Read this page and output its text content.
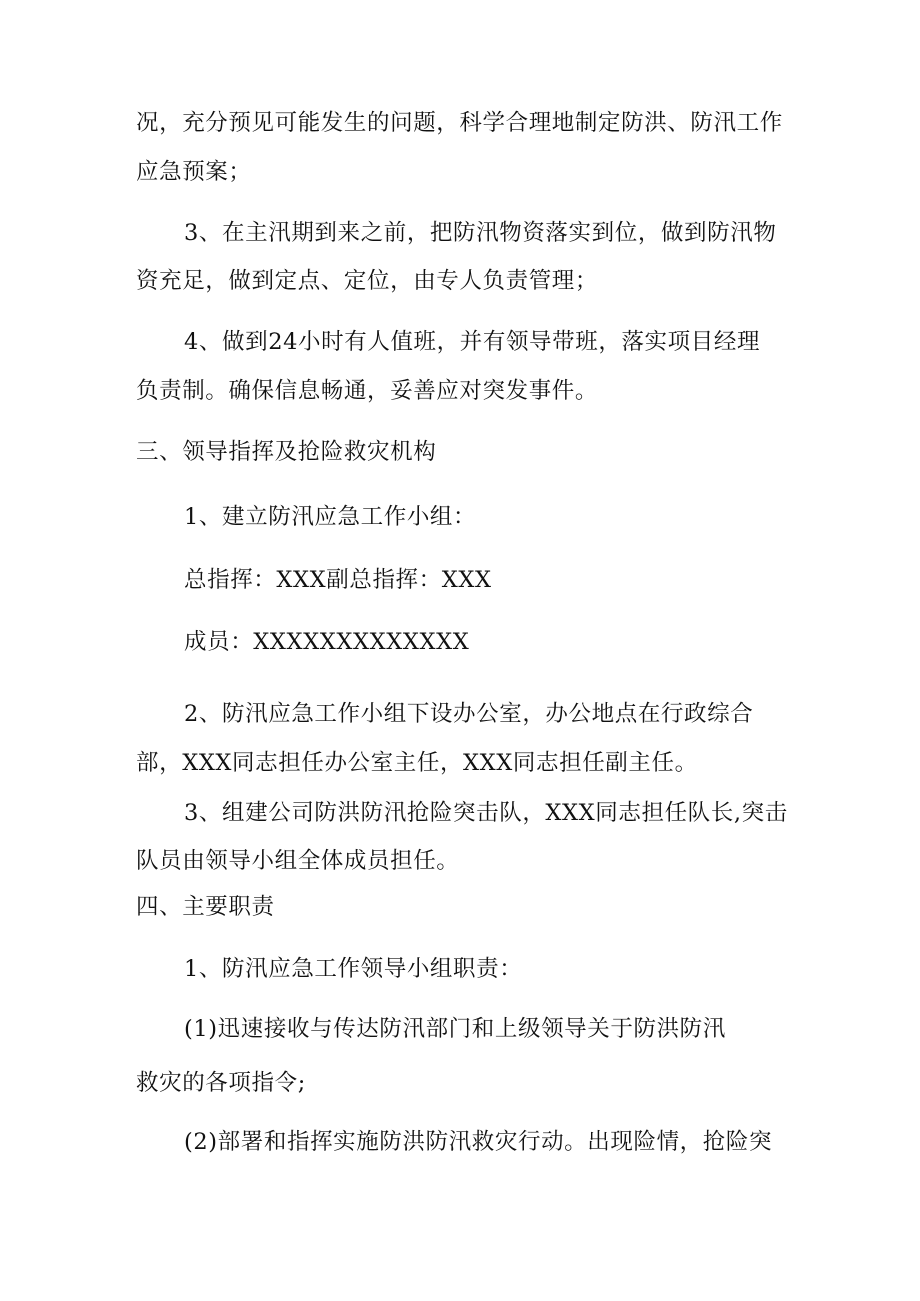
况，充分预见可能发生的问题，科学合理地制定防洪、防汛工作
应急预案；
3、在主汛期到来之前，把防汛物资落实到位，做到防汛物
资充足，做到定点、定位，由专人负责管理；
4、做到24小时有人值班，并有领导带班，落实项目经理
负责制。确保信息畅通，妥善应对突发事件。
三、领导指挥及抢险救灾机构
1、建立防汛应急工作小组：
总指挥：XXX副总指挥：XXX
成员：XXXXXXXXXXXXX
2、防汛应急工作小组下设办公室，办公地点在行政综合
部，XXX同志担任办公室主任，XXX同志担任副主任。
3、组建公司防洪防汛抢险突击队，XXX同志担任队长,突击
队员由领导小组全体成员担任。
四、主要职责
1、防汛应急工作领导小组职责：
(1)迅速接收与传达防汛部门和上级领导关于防洪防汛
救灾的各项指令;
(2)部署和指挥实施防洪防汛救灾行动。出现险情，抢险突
